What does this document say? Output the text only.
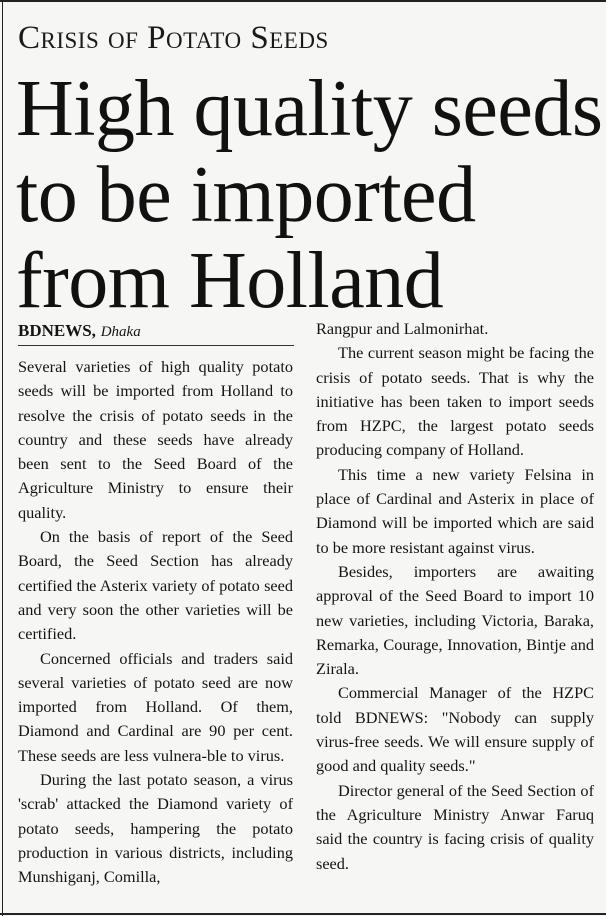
Crisis of Potato Seeds
High quality seeds
to be imported
from Holland
BDNEWS, Dhaka

Several varieties of high quality potato seeds will be imported from Holland to resolve the crisis of potato seeds in the country and these seeds have already been sent to the Seed Board of the Agriculture Ministry to ensure their quality.

On the basis of report of the Seed Board, the Seed Section has already certified the Asterix variety of potato seed and very soon the other varieties will be certified.

Concerned officials and traders said several varieties of potato seed are now imported from Holland. Of them, Diamond and Cardinal are 90 per cent. These seeds are less vulnera-ble to virus.

During the last potato season, a virus 'scrab' attacked the Diamond variety of potato seeds, hampering the potato production in various districts, including Munshiganj, Comilla,

Rangpur and Lalmonirhat.

The current season might be facing the crisis of potato seeds. That is why the initiative has been taken to import seeds from HZPC, the largest potato seeds producing company of Holland.

This time a new variety Felsina in place of Cardinal and Asterix in place of Diamond will be imported which are said to be more resistant against virus.

Besides, importers are awaiting approval of the Seed Board to import 10 new varieties, including Victoria, Baraka, Remarka, Courage, Innovation, Bintje and Zirala.

Commercial Manager of the HZPC told BDNEWS: "Nobody can supply virus-free seeds. We will ensure supply of good and quality seeds."

Director general of the Seed Section of the Agriculture Ministry Anwar Faruq said the country is facing crisis of quality seed.
